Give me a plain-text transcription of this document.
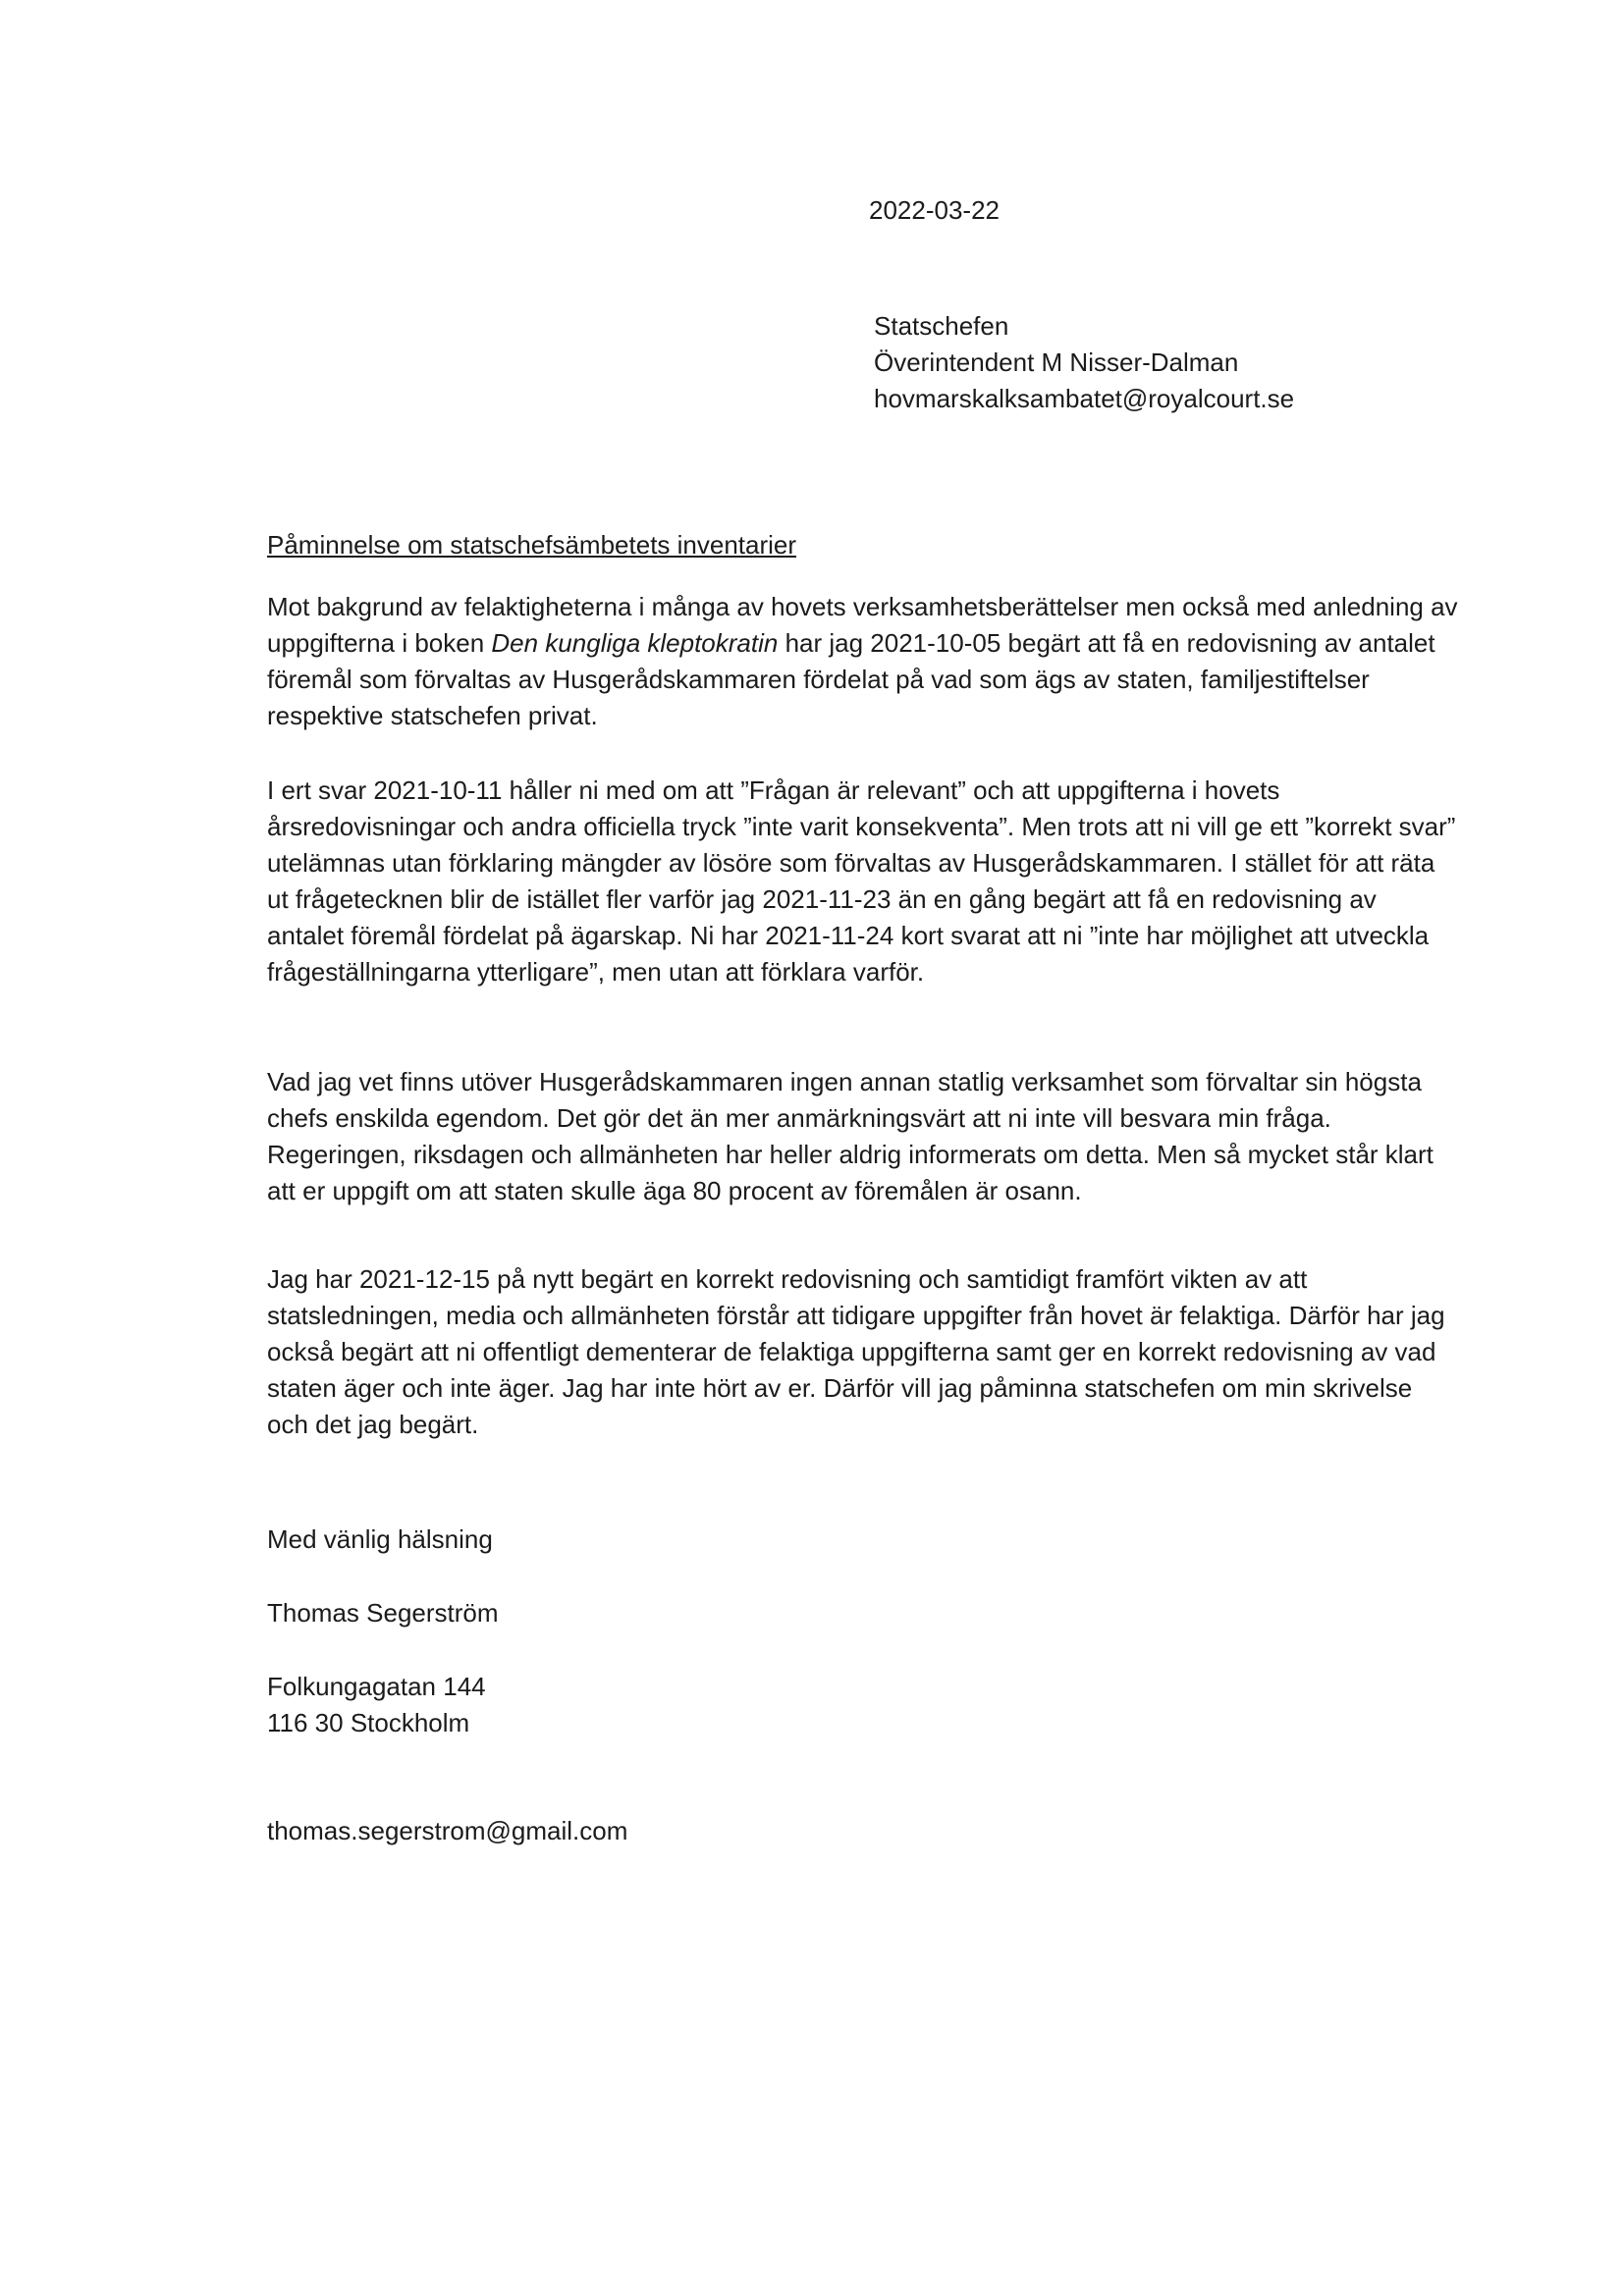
2022-03-22
Statschefen
Överintendent M Nisser-Dalman
hovmarskalksambatet@royalcourt.se
Påminnelse om statschefsämbetets inventarier
Mot bakgrund av felaktigheterna i många av hovets verksamhetsberättelser men också med anledning av uppgifterna i boken Den kungliga kleptokratin har jag 2021-10-05 begärt att få en redovisning av antalet föremål som förvaltas av Husgerådskammaren fördelat på vad som ägs av staten, familjestiftelser respektive statschefen privat.
I ert svar 2021-10-11 håller ni med om att ”Frågan är relevant” och att uppgifterna i hovets årsredovisningar och andra officiella tryck ”inte varit konsekventa”. Men trots att ni vill ge ett ”korrekt svar” utelämnas utan förklaring mängder av lösöre som förvaltas av Husgerådskammaren. I stället för att räta ut frågetecknen blir de istället fler varför jag 2021-11-23 än en gång begärt att få en redovisning av antalet föremål fördelat på ägarskap. Ni har 2021-11-24 kort svarat att ni ”inte har möjlighet att utveckla frågeställningarna ytterligare”, men utan att förklara varför.
Vad jag vet finns utöver Husgerådskammaren ingen annan statlig verksamhet som förvaltar sin högsta chefs enskilda egendom. Det gör det än mer anmärkningsvärt att ni inte vill besvara min fråga. Regeringen, riksdagen och allmänheten har heller aldrig informerats om detta. Men så mycket står klart att er uppgift om att staten skulle äga 80 procent av föremålen är osann.
Jag har 2021-12-15 på nytt begärt en korrekt redovisning och samtidigt framfört vikten av att statsledningen, media och allmänheten förstår att tidigare uppgifter från hovet är felaktiga. Därför har jag också begärt att ni offentligt dementerar de felaktiga uppgifterna samt ger en korrekt redovisning av vad staten äger och inte äger. Jag har inte hört av er. Därför vill jag påminna statschefen om min skrivelse och det jag begärt.
Med vänlig hälsning
Thomas Segerström
Folkungagatan 144
116 30 Stockholm
thomas.segerstrom@gmail.com
